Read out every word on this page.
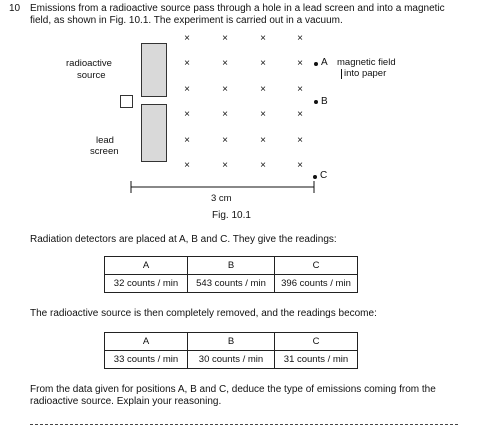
10 Emissions from a radioactive source pass through a hole in a lead screen and into a magnetic
field, as shown in Fig. 10.1. The experiment is carried out in a vacuum.
radioactive
source
lead
screen
×	×	×	×
×	×	×	×
×	×	×	×
×	×	×	×
×	×	×	×
×	×	×	×
A
B
C
magnetic field
into paper
3 cm
Fig. 10.1
Radiation detectors are placed at A, B and C. They give the readings:
A	B	C
32 counts / min	543 counts / min	396 counts / min
The radioactive source is then completely removed, and the readings become:
A	B	C
33 counts / min	30 counts / min	31 counts / min
From the data given for positions A, B and C, deduce the type of emissions coming from the
radioactive source. Explain your reasoning.
